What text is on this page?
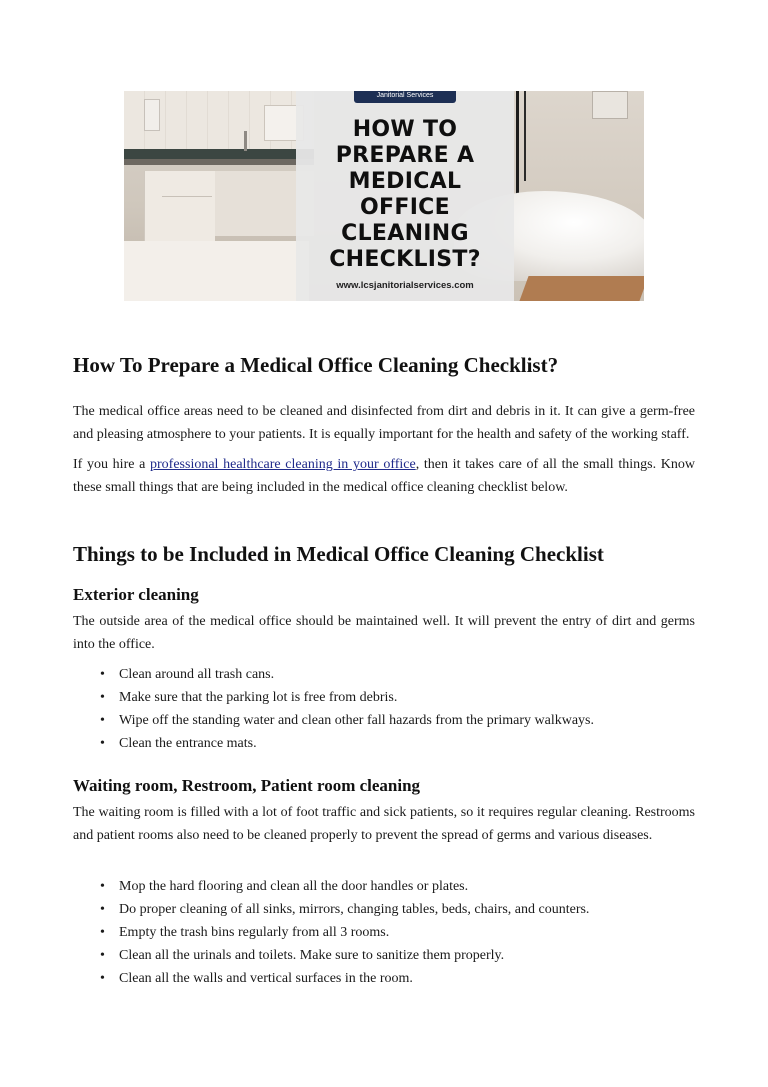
Janitorial Services
HOW TO
PREPARE A
MEDICAL
OFFICE
CLEANING
CHECKLIST?
www.lcsjanitorialservices.com
How To Prepare a Medical Office Cleaning Checklist?

The medical office areas need to be cleaned and disinfected from dirt and debris in it. It can give a germ-free and pleasing atmosphere to your patients. It is equally important for the health and safety of the working staff.

If you hire a professional healthcare cleaning in your office, then it takes care of all the small things. Know these small things that are being included in the medical office cleaning checklist below.

Things to be Included in Medical Office Cleaning Checklist
Exterior cleaning

The outside area of the medical office should be maintained well. It will prevent the entry of dirt and germs into the office.

• Clean around all trash cans.
• Make sure that the parking lot is free from debris.
• Wipe off the standing water and clean other fall hazards from the primary walkways.
• Clean the entrance mats.
Waiting room, Restroom, Patient room cleaning

The waiting room is filled with a lot of foot traffic and sick patients, so it requires regular cleaning. Restrooms and patient rooms also need to be cleaned properly to prevent the spread of germs and various diseases.

• Mop the hard flooring and clean all the door handles or plates.
• Do proper cleaning of all sinks, mirrors, changing tables, beds, chairs, and counters.
• Empty the trash bins regularly from all 3 rooms.
• Clean all the urinals and toilets. Make sure to sanitize them properly.
• Clean all the walls and vertical surfaces in the room.
